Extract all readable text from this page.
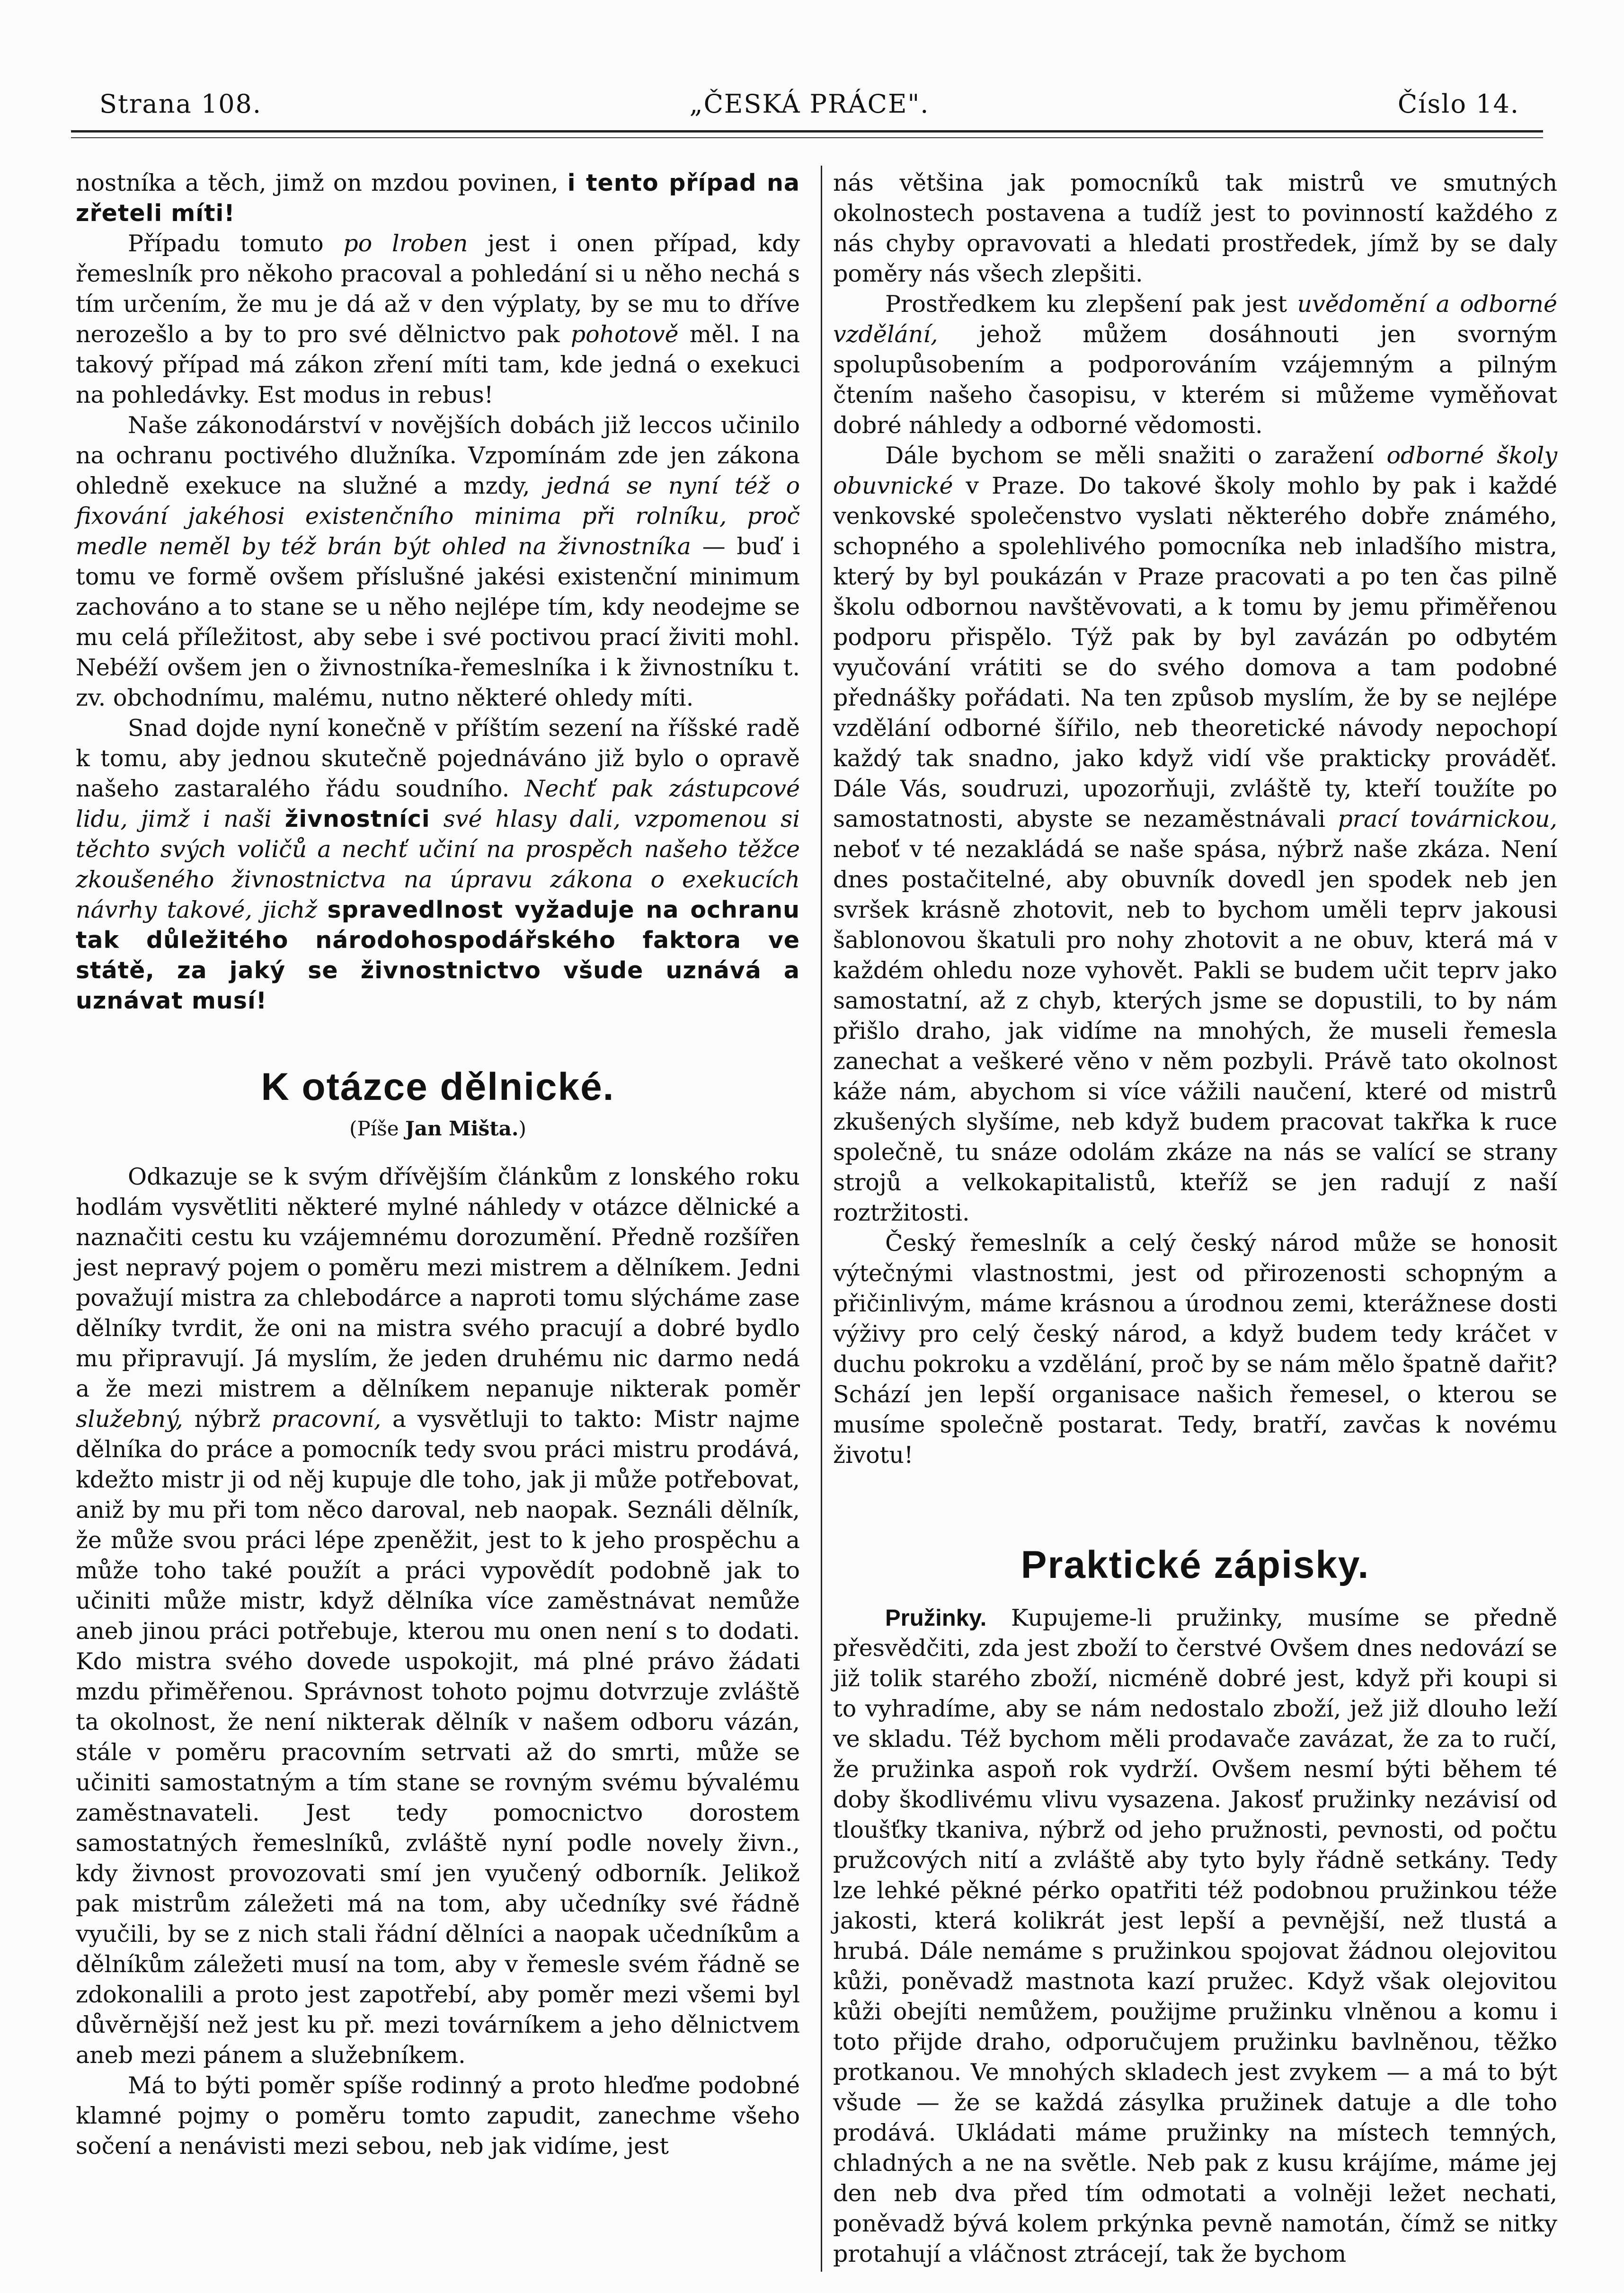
Strana 108.	„ČESKÁ PRÁCE".	Číslo 14.

nostníka a těch, jimž on mzdou povinen, i tento případ na zřeteli míti!

Případu tomuto po lroben jest i onen případ, kdy řemeslník pro někoho pracoval a pohledání si u něho nechá s tím určením, že mu je dá až v den výplaty, by se mu to dříve nerozešlo a by to pro své dělnictvo pak pohotově měl. I na takový případ má zákon zření míti tam, kde jedná o exekuci na pohledávky. Est modus in rebus!

Naše zákonodárství v novějších dobách již leccos učinilo na ochranu poctivého dlužníka. Vzpomínám zde jen zákona ohledně exekuce na služné a mzdy, jedná se nyní též o fixování jakéhosi existenčního minima při rolníku, proč medle neměl by též brán být ohled na živnostníka — buď i tomu ve formě ovšem příslušné jakési existenční minimum zachováno a to stane se u něho nejlépe tím, kdy neodejme se mu celá příležitost, aby sebe i své poctivou prací živiti mohl. Nebéží ovšem jen o živnostníka-řemeslníka i k živnostníku t. zv. obchodnímu, malému, nutno některé ohledy míti.

Snad dojde nyní konečně v příštím sezení na říšské radě k tomu, aby jednou skutečně pojednáváno již bylo o opravě našeho zastaralého řádu soudního. Nechť pak zástupcové lidu, jimž i naši živnostníci své hlasy dali, vzpomenou si těchto svých voličů a nechť učiní na prospěch našeho těžce zkoušeného živnostnictva na úpravu zákona o exekucích návrhy takové, jichž spravedlnost vyžaduje na ochranu tak důležitého národohospodářského faktora ve státě, za jaký se živnostnictvo všude uznává a uznávat musí!

K otázce dělnické.
(Píše Jan Mišta.)

Odkazuje se k svým dřívějším článkům z lonského roku hodlám vysvětliti některé mylné náhledy v otázce dělnické a naznačiti cestu ku vzájemnému dorozumění. Předně rozšířen jest nepravý pojem o poměru mezi mistrem a dělníkem. Jedni považují mistra za chlebodárce a naproti tomu slýcháme zase dělníky tvrdit, že oni na mistra svého pracují a dobré bydlo mu připravují. Já myslím, že jeden druhému nic darmo nedá a že mezi mistrem a dělníkem nepanuje nikterak poměr služebný, nýbrž pracovní, a vysvětluji to takto: Mistr najme dělníka do práce a pomocník tedy svou práci mistru prodává, kdežto mistr ji od něj kupuje dle toho, jak ji může potřebovat, aniž by mu při tom něco daroval, neb naopak. Seználi dělník, že může svou práci lépe zpeněžit, jest to k jeho prospěchu a může toho také použít a práci vypovědít podobně jak to učiniti může mistr, když dělníka více zaměstnávat nemůže aneb jinou práci potřebuje, kterou mu onen není s to dodati. Kdo mistra svého dovede uspokojit, má plné právo žádati mzdu přiměřenou. Správnost tohoto pojmu dotvrzuje zvláště ta okolnost, že není nikterak dělník v našem odboru vázán, stále v poměru pracovním setrvati až do smrti, může se učiniti samostatným a tím stane se rovným svému bývalému zaměstnavateli. Jest tedy pomocnictvo dorostem samostatných řemeslníků, zvláště nyní podle novely živn., kdy živnost provozovati smí jen vyučený odborník. Jelikož pak mistrům záležeti má na tom, aby učedníky své řádně vyučili, by se z nich stali řádní dělníci a naopak učedníkům a dělníkům záležeti musí na tom, aby v řemesle svém řádně se zdokonalili a proto jest zapotřebí, aby poměr mezi všemi byl důvěrnější než jest ku př. mezi továrníkem a jeho dělnictvem aneb mezi pánem a služebníkem.

Má to býti poměr spíše rodinný a proto hleďme podobné klamné pojmy o poměru tomto zapudit, zanechme všeho sočení a nenávisti mezi sebou, neb jak vidíme, jest

nás většina jak pomocníků tak mistrů ve smutných okolnostech postavena a tudíž jest to povinností každého z nás chyby opravovati a hledati prostředek, jímž by se daly poměry nás všech zlepšiti.

Prostředkem ku zlepšení pak jest uvědomění a odborné vzdělání, jehož můžem dosáhnouti jen svorným spolupůsobením a podporováním vzájemným a pilným čtením našeho časopisu, v kterém si můžeme vyměňovat dobré náhledy a odborné vědomosti.

Dále bychom se měli snažiti o zaražení odborné školy obuvnické v Praze. Do takové školy mohlo by pak i každé venkovské společenstvo vyslati některého dobře známého, schopného a spolehlivého pomocníka neb inladšího mistra, který by byl poukázán v Praze pracovati a po ten čas pilně školu odbornou navštěvovati, a k tomu by jemu přiměřenou podporu přispělo. Týž pak by byl zavázán po odbytém vyučování vrátiti se do svého domova a tam podobné přednášky pořádati. Na ten způsob myslím, že by se nejlépe vzdělání odborné šířilo, neb theoretické návody nepochopí každý tak snadno, jako když vidí vše prakticky prováděť. Dále Vás, soudruzi, upozorňuji, zvláště ty, kteří toužíte po samostatnosti, abyste se nezaměstnávali prací továrnickou, neboť v té nezakládá se naše spása, nýbrž naše zkáza. Není dnes postačitelné, aby obuvník dovedl jen spodek neb jen svršek krásně zhotovit, neb to bychom uměli teprv jakousi šablonovou škatuli pro nohy zhotovit a ne obuv, která má v každém ohledu noze vyhovět. Pakli se budem učit teprv jako samostatní, až z chyb, kterých jsme se dopustili, to by nám přišlo draho, jak vidíme na mnohých, že museli řemesla zanechat a veškeré věno v něm pozbyli. Právě tato okolnost káže nám, abychom si více vážili naučení, které od mistrů zkušených slyšíme, neb když budem pracovat takřka k ruce společně, tu snáze odolám zkáze na nás se valící se strany strojů a velkokapitalistů, kteříž se jen radují z naší roztržitosti.

Český řemeslník a celý český národ může se honosit výtečnými vlastnostmi, jest od přirozenosti schopným a přičinlivým, máme krásnou a úrodnou zemi, kterážnese dosti výživy pro celý český národ, a když budem tedy kráčet v duchu pokroku a vzdělání, proč by se nám mělo špatně dařit? Schází jen lepší organisace našich řemesel, o kterou se musíme společně postarat. Tedy, bratří, zavčas k novému životu!

Praktické zápisky.

Pružinky. Kupujeme-li pružinky, musíme se předně přesvědčiti, zda jest zboží to čerstvé Ovšem dnes nedovází se již tolik starého zboží, nicméně dobré jest, když při koupi si to vyhradíme, aby se nám nedostalo zboží, jež již dlouho leží ve skladu. Též bychom měli prodavače zavázat, že za to ručí, že pružinka aspoň rok vydrží. Ovšem nesmí býti během té doby škodlivému vlivu vysazena. Jakosť pružinky nezávisí od tloušťky tkaniva, nýbrž od jeho pružnosti, pevnosti, od počtu pružcových nití a zvláště aby tyto byly řádně setkány. Tedy lze lehké pěkné pérko opatřiti též podobnou pružinkou téže jakosti, která kolikrát jest lepší a pevnější, než tlustá a hrubá. Dále nemáme s pružinkou spojovat žádnou olejovitou kůži, poněvadž mastnota kazí pružec. Když však olejovitou kůži obejíti nemůžem, použijme pružinku vlněnou a komu i toto přijde draho, odporučujem pružinku bavlněnou, těžko protkanou. Ve mnohých skladech jest zvykem — a má to být všude — že se každá zásylka pružinek datuje a dle toho prodává. Ukládati máme pružinky na místech temných, chladných a ne na světle. Neb pak z kusu krájíme, máme jej den neb dva před tím odmotati a volněji ležet nechati, poněvadž bývá kolem prkýnka pevně namotán, čímž se nitky protahují a vláčnost ztrácejí, tak že bychom
